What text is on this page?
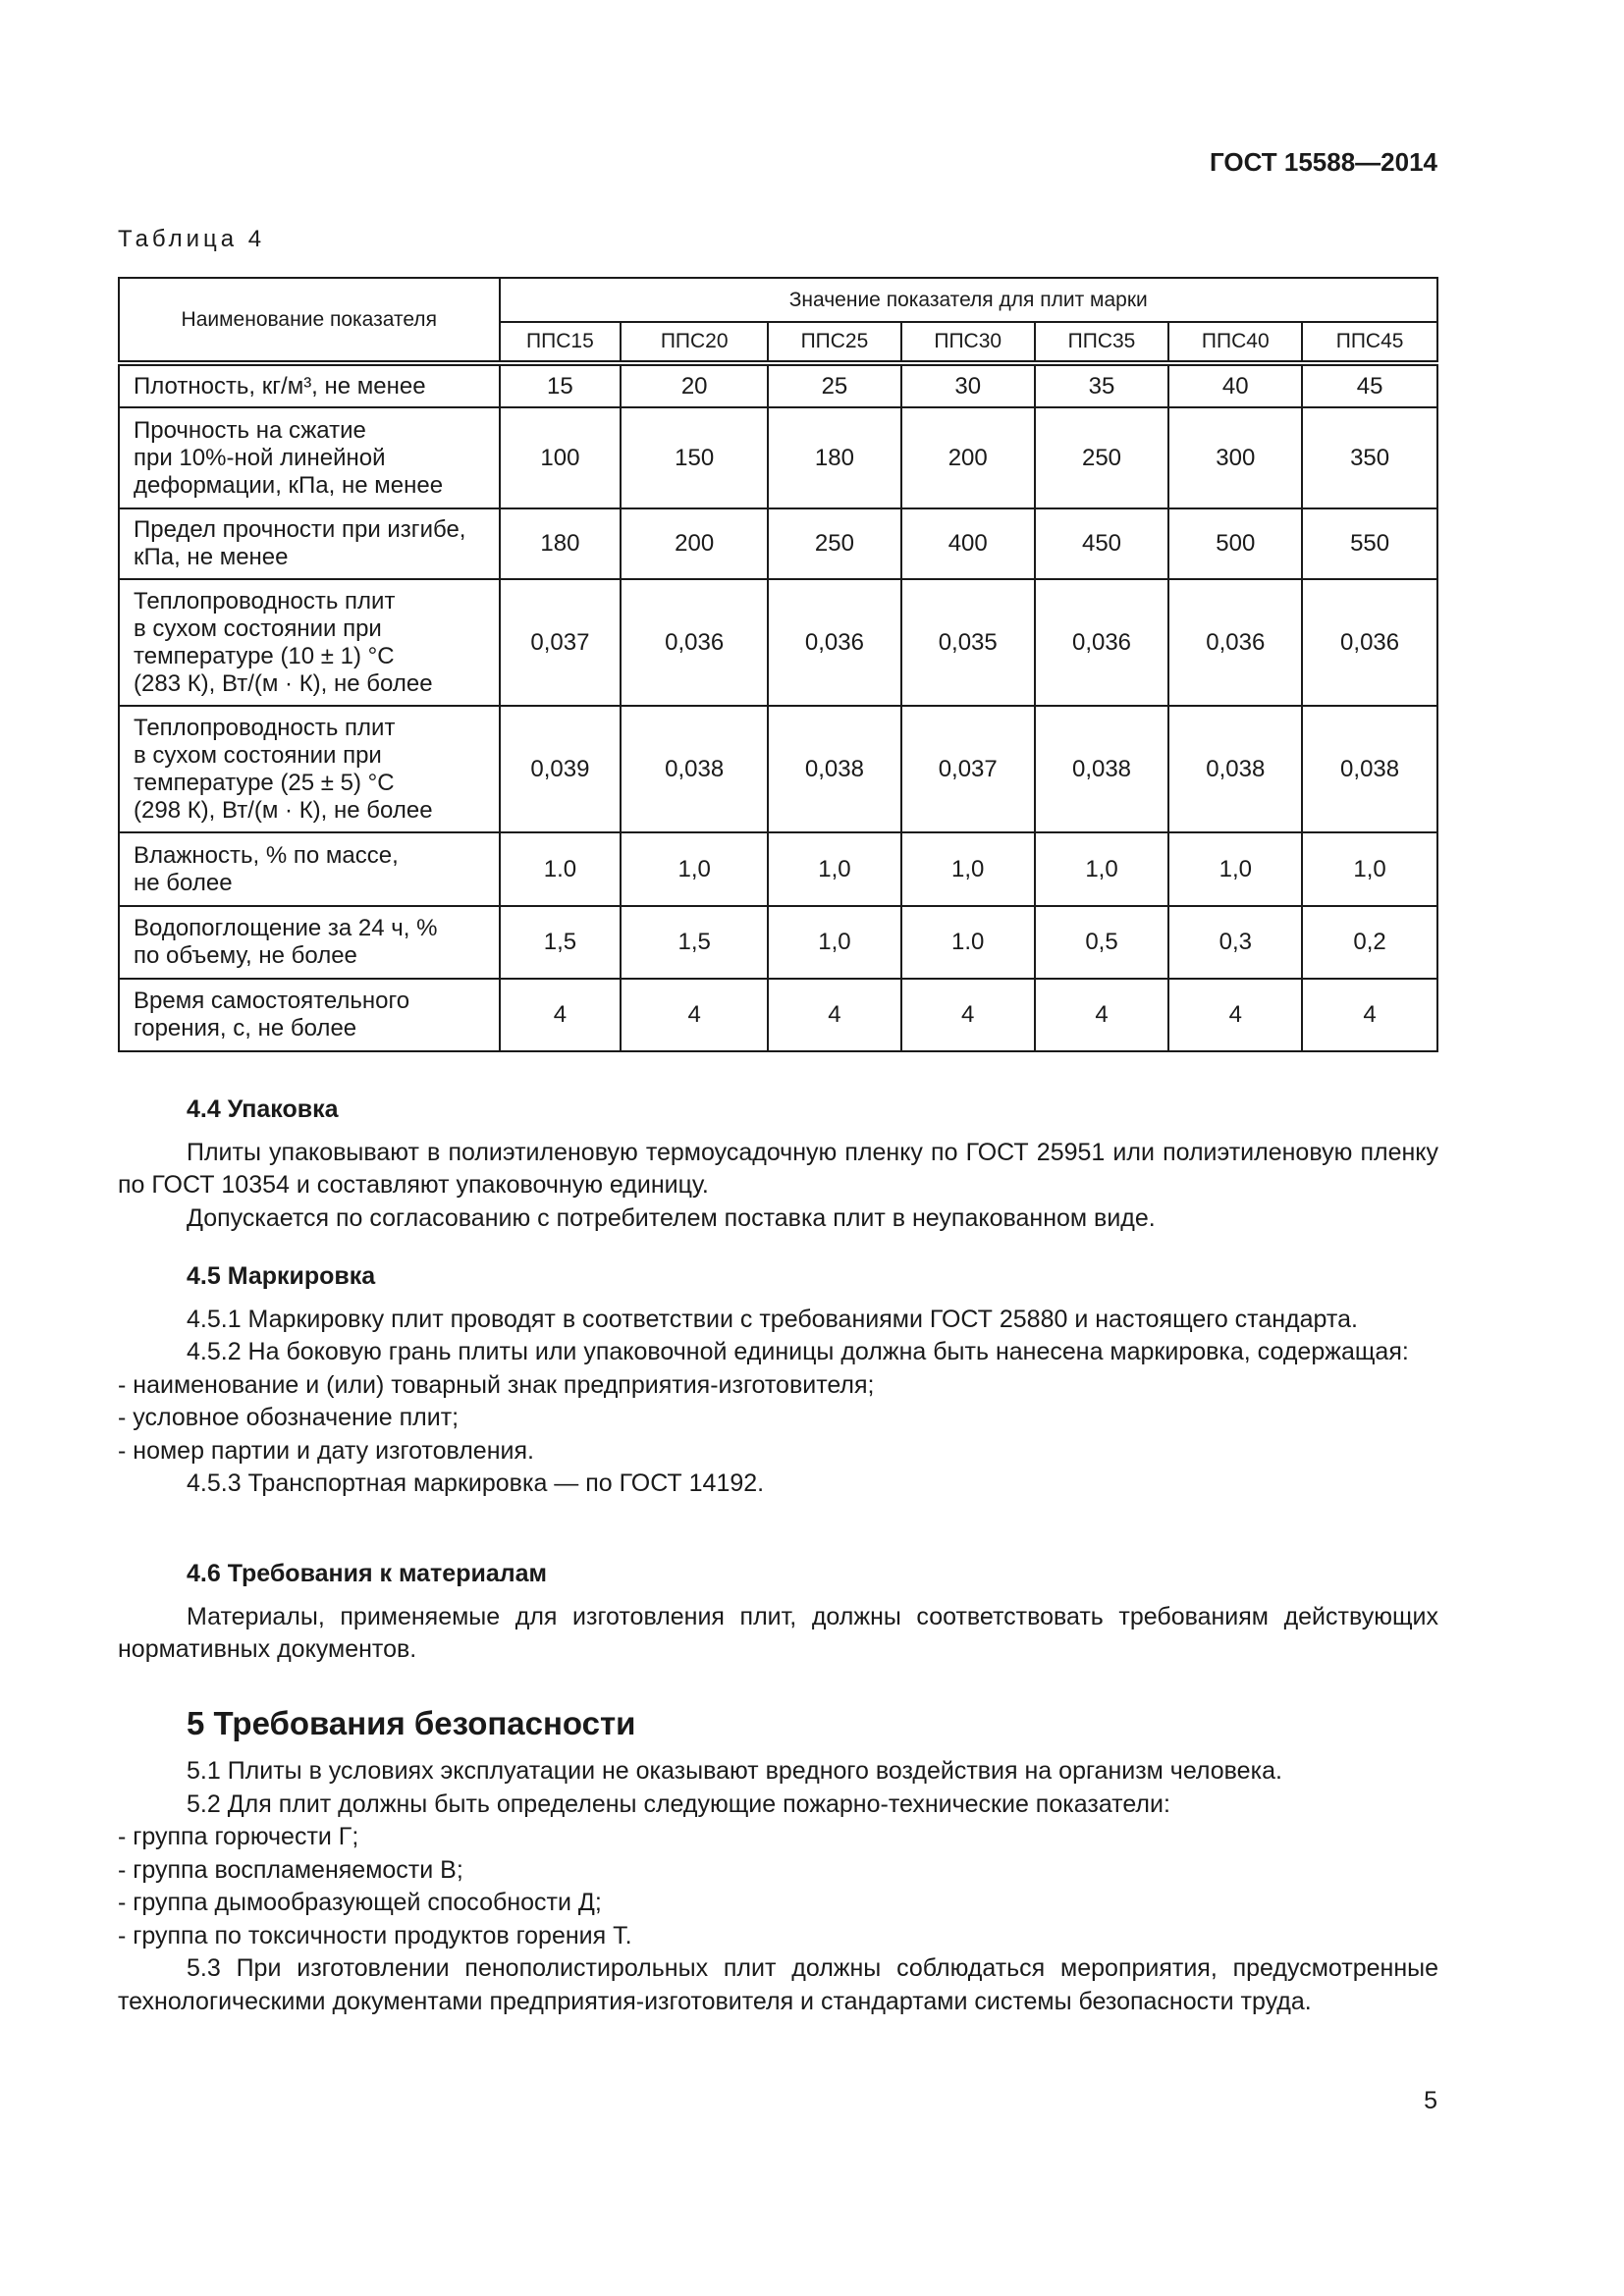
ГОСТ 15588—2014
Таблица 4
Наименование показателя	Значение показателя для плит марки						
	ППС15	ППС20	ППС25	ППС30	ППС35	ППС40	ППС45

Плотность, кг/м³, не менее	15	20	25	30	35	40	45

Прочность на сжатие
при 10%-ной линейной
деформации, кПа, не менее	100	150	180	200	250	300	350

Предел прочности при изгибе,
кПа, не менее	180	200	250	400	450	500	550

Теплопроводность плит
в сухом состоянии при
температуре (10 ± 1) °С
(283 К), Вт/(м · К), не более	0,037	0,036	0,036	0,035	0,036	0,036	0,036

Теплопроводность плит
в сухом состоянии при
температуре (25 ± 5) °С
(298 К), Вт/(м · К), не более	0,039	0,038	0,038	0,037	0,038	0,038	0,038

Влажность, % по массе,
не более	1.0	1,0	1,0	1,0	1,0	1,0	1,0

Водопоглощение за 24 ч, %
по объему, не более	1,5	1,5	1,0	1.0	0,5	0,3	0,2

Время самостоятельного
горения, с, не более	4	4	4	4	4	4	4
4.4 Упаковка

Плиты упаковывают в полиэтиленовую термоусадочную пленку по ГОСТ 25951 или полиэтиленовую пленку по ГОСТ 10354 и составляют упаковочную единицу.

Допускается по согласованию с потребителем поставка плит в неупакованном виде.

4.5 Маркировка

4.5.1 Маркировку плит проводят в соответствии с требованиями ГОСТ 25880 и настоящего стандарта.

4.5.2 На боковую грань плиты или упаковочной единицы должна быть нанесена маркировка, содержащая:

- наименование и (или) товарный знак предприятия-изготовителя;
- условное обозначение плит;
- номер партии и дату изготовления.

4.5.3 Транспортная маркировка — по ГОСТ 14192.

4.6 Требования к материалам

Материалы, применяемые для изготовления плит, должны соответствовать требованиям действующих нормативных документов.

5 Требования безопасности

5.1 Плиты в условиях эксплуатации не оказывают вредного воздействия на организм человека.

5.2 Для плит должны быть определены следующие пожарно-технические показатели:

- группа горючести Г;
- группа воспламеняемости В;
- группа дымообразующей способности Д;
- группа по токсичности продуктов горения Т.

5.3 При изготовлении пенополистирольных плит должны соблюдаться мероприятия, предусмотренные технологическими документами предприятия-изготовителя и стандартами системы безопасности труда.

5
